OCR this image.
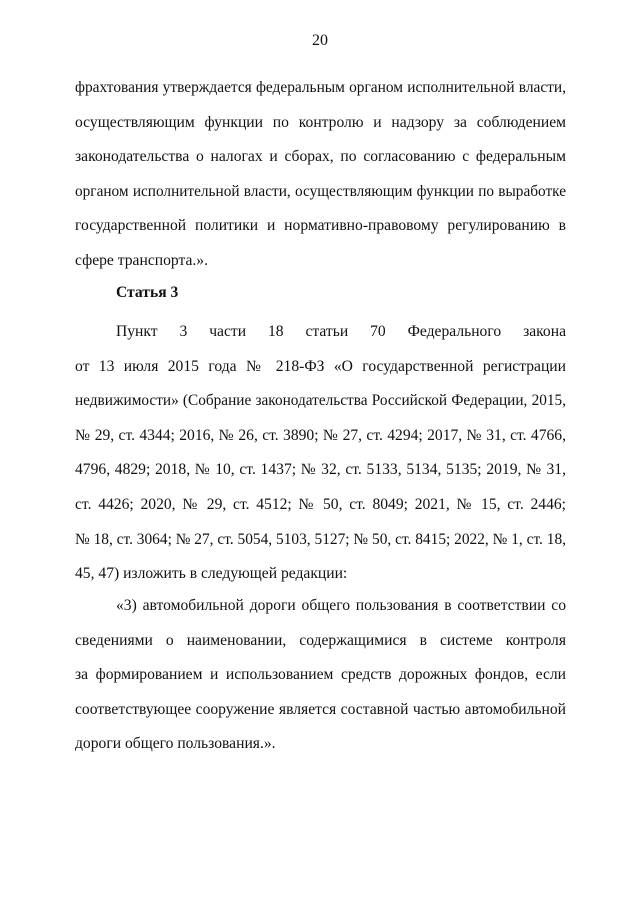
20
фрахтования утверждается федеральным органом исполнительной власти,
осуществляющим функции по контролю и надзору за соблюдением
законодательства о налогах и сборах, по согласованию с федеральным
органом исполнительной власти, осуществляющим функции по выработке
государственной политики и нормативно-правовому регулированию в
сфере транспорта.».
Статья 3
Пункт 3 части 18 статьи 70 Федерального закона
от 13 июля 2015 года № 218-ФЗ «О государственной регистрации
недвижимости» (Собрание законодательства Российской Федерации, 2015,
№ 29, ст. 4344; 2016, № 26, ст. 3890; № 27, ст. 4294; 2017, № 31, ст. 4766,
4796, 4829; 2018, № 10, ст. 1437; № 32, ст. 5133, 5134, 5135; 2019, № 31,
ст. 4426; 2020, № 29, ст. 4512; № 50, ст. 8049; 2021, № 15, ст. 2446;
№ 18, ст. 3064; № 27, ст. 5054, 5103, 5127; № 50, ст. 8415; 2022, № 1, ст. 18,
45, 47) изложить в следующей редакции:
«3) автомобильной дороги общего пользования в соответствии со
сведениями о наименовании, содержащимися в системе контроля
за формированием и использованием средств дорожных фондов, если
соответствующее сооружение является составной частью автомобильной
дороги общего пользования.».
